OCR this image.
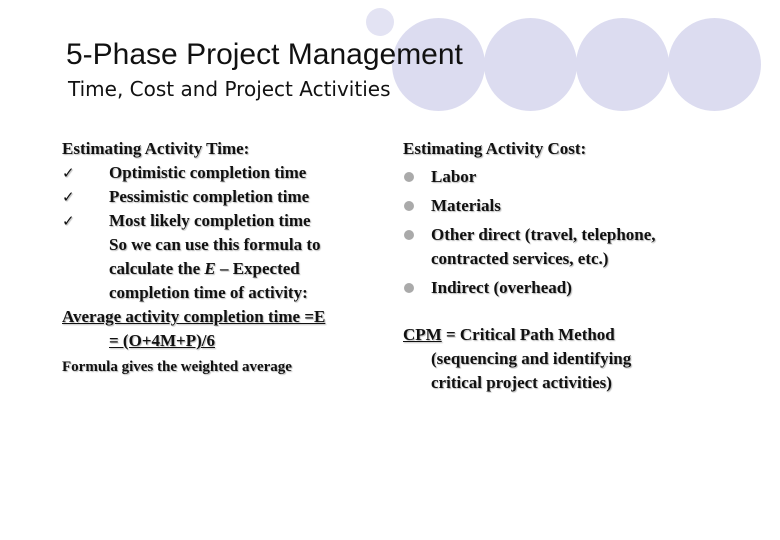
5-Phase Project Management
Time, Cost and Project Activities
Estimating Activity Time:
✓	Optimistic completion time
✓	Pessimistic completion time
✓	Most likely completion time
So we can use this formula to
calculate the E – Expected
completion time of activity:
Average activity completion time =E
= (O+4M+P)/6
Formula gives the weighted average
Estimating Activity Cost:
Labor
Materials
Other direct (travel, telephone,
contracted services, etc.)
Indirect (overhead)
CPM = Critical Path Method
(sequencing and identifying
critical project activities)
